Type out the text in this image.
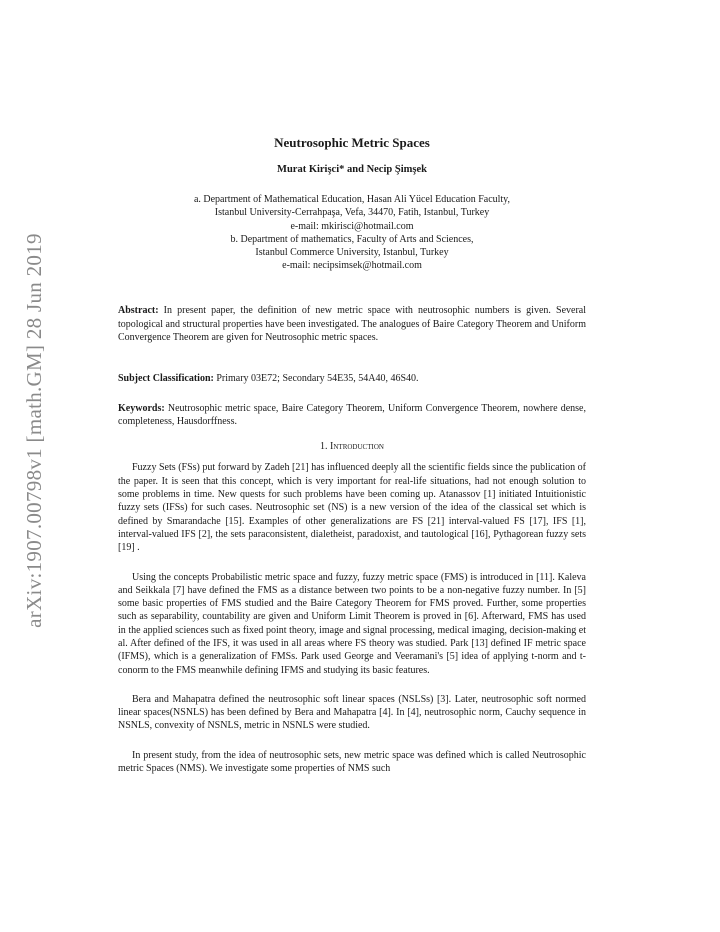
arXiv:1907.00798v1 [math.GM] 28 Jun 2019
Neutrosophic Metric Spaces
Murat Kirişci* and Necip Şimşek
a. Department of Mathematical Education, Hasan Ali Yücel Education Faculty,
Istanbul University-Cerrahpaşa, Vefa, 34470, Fatih, Istanbul, Turkey
e-mail: mkirisci@hotmail.com
b. Department of mathematics, Faculty of Arts and Sciences,
Istanbul Commerce University, Istanbul, Turkey
e-mail: necipsimsek@hotmail.com
Abstract: In present paper, the definition of new metric space with neutrosophic numbers is given. Several topological and structural properties have been investigated. The analogues of Baire Category Theorem and Uniform Convergence Theorem are given for Neutrosophic metric spaces.
Subject Classification: Primary 03E72; Secondary 54E35, 54A40, 46S40.
Keywords: Neutrosophic metric space, Baire Category Theorem, Uniform Convergence Theorem, nowhere dense, completeness, Hausdorffness.
1. Introduction

Fuzzy Sets (FSs) put forward by Zadeh [21] has influenced deeply all the scientific fields since the publication of the paper. It is seen that this concept, which is very important for real-life situations, had not enough solution to some problems in time. New quests for such problems have been coming up. Atanassov [1] initiated Intuitionistic fuzzy sets (IFSs) for such cases. Neutrosophic set (NS) is a new version of the idea of the classical set which is defined by Smarandache [15]. Examples of other generalizations are FS [21] interval-valued FS [17], IFS [1], interval-valued IFS [2], the sets paraconsistent, dialetheist, paradoxist, and tautological [16], Pythagorean fuzzy sets [19] .

Using the concepts Probabilistic metric space and fuzzy, fuzzy metric space (FMS) is introduced in [11]. Kaleva and Seikkala [7] have defined the FMS as a distance between two points to be a non-negative fuzzy number. In [5] some basic properties of FMS studied and the Baire Category Theorem for FMS proved. Further, some properties such as separability, countability are given and Uniform Limit Theorem is proved in [6]. Afterward, FMS has used in the applied sciences such as fixed point theory, image and signal processing, medical imaging, decision-making et al. After defined of the IFS, it was used in all areas where FS theory was studied. Park [13] defined IF metric space (IFMS), which is a generalization of FMSs. Park used George and Veeramani's [5] idea of applying t-norm and t-conorm to the FMS meanwhile defining IFMS and studying its basic features.

Bera and Mahapatra defined the neutrosophic soft linear spaces (NSLSs) [3]. Later, neutrosophic soft normed linear spaces(NSNLS) has been defined by Bera and Mahapatra [4]. In [4], neutrosophic norm, Cauchy sequence in NSNLS, convexity of NSNLS, metric in NSNLS were studied.

In present study, from the idea of neutrosophic sets, new metric space was defined which is called Neutrosophic metric Spaces (NMS). We investigate some properties of NMS such
